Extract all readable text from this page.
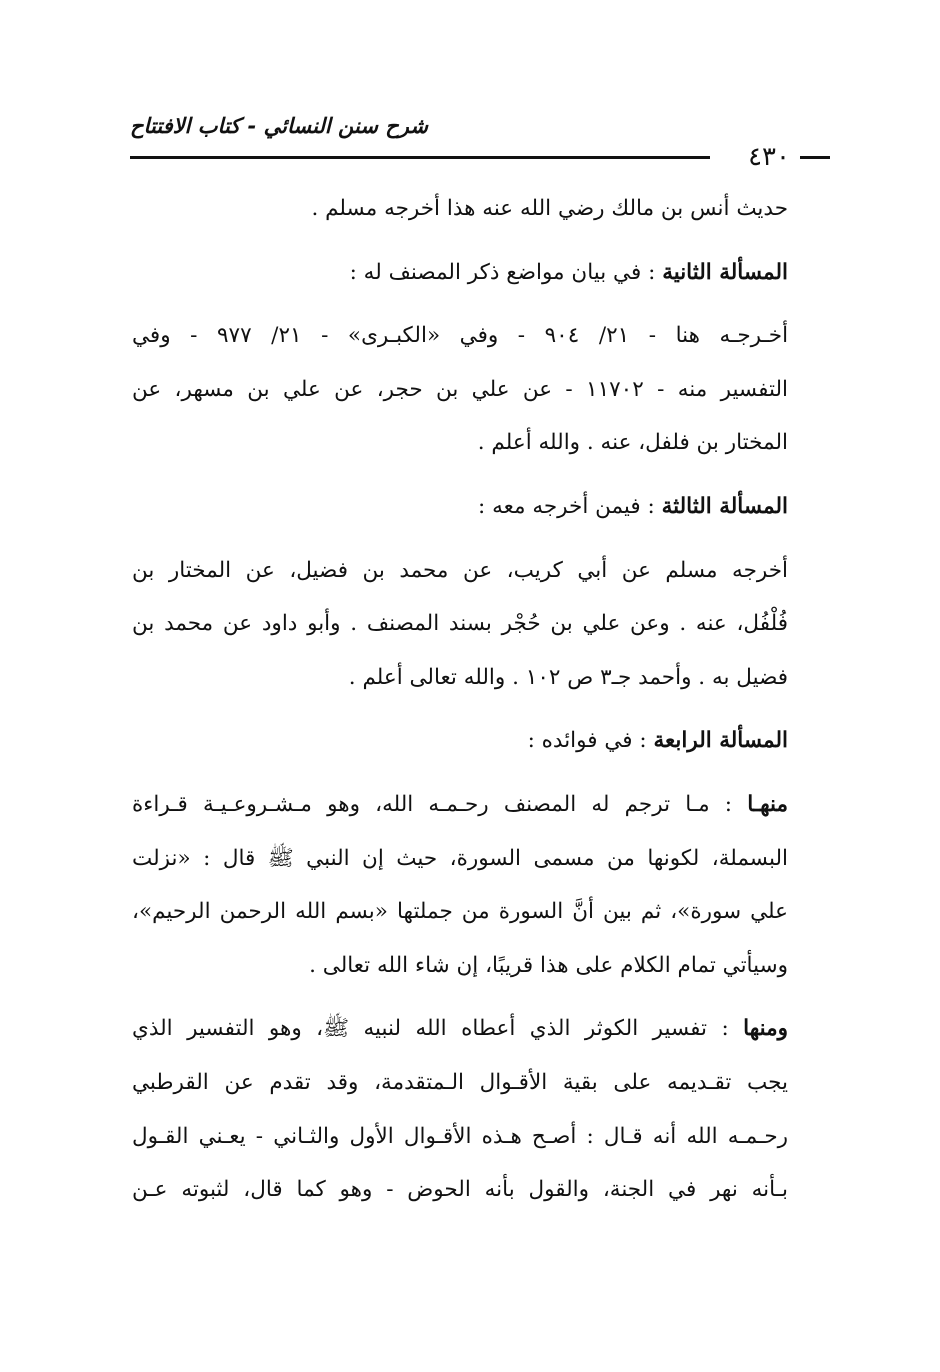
٤٣٠
شرح سنن النسائي - كتاب الافتتاح
حديث أنس بن مالك رضي الله عنه هذا أخرجه مسلم .
المسألة الثانية : في بيان مواضع ذكر المصنف له :
أخـرجـه هنا - ٢١/ ٩٠٤ - وفي «الكبـرى» - ٢١/ ٩٧٧ - وفي
التفسير منه - ١١٧٠٢ - عن علي بن حجر، عن علي بن مسهر، عن
المختار بن فلفل، عنه . والله أعلم .
المسألة الثالثة : فيمن أخرجه معه :
أخرجه مسلم عن أبي كريب، عن محمد بن فضيل، عن المختار بن
فُلْفُل، عنه . وعن علي بن حُجْر بسند المصنف . وأبو داود عن محمد بن
فضيل به . وأحمد جـ٣ ص ١٠٢ . والله تعالى أعلم .
المسألة الرابعة : في فوائده :
منهـا : مـا ترجم له المصنف رحـمـه الله، وهو مـشـروعـيـة قـراءة
البسملة، لكونها من مسمى السورة، حيث إن النبي ﷺ قال : «نزلت
علي سورة»، ثم بين أنَّ السورة من جملتها «بسم الله الرحمن الرحيم»،
وسيأتي تمام الكلام على هذا قريبًا، إن شاء الله تعالى .
ومنها : تفسير الكوثر الذي أعطاه الله لنبيه ﷺ، وهو التفسير الذي
يجب تقـديمه على بقية الأقـوال الـمتقدمة، وقد تقدم عن القرطبي
رحـمـه الله أنه قـال : أصـح هـذه الأقـوال الأول والثـاني - يعـني القـول
بـأنه نهر في الجنة، والقول بأنه الحوض - وهو كما قال، لثبوته عـن
